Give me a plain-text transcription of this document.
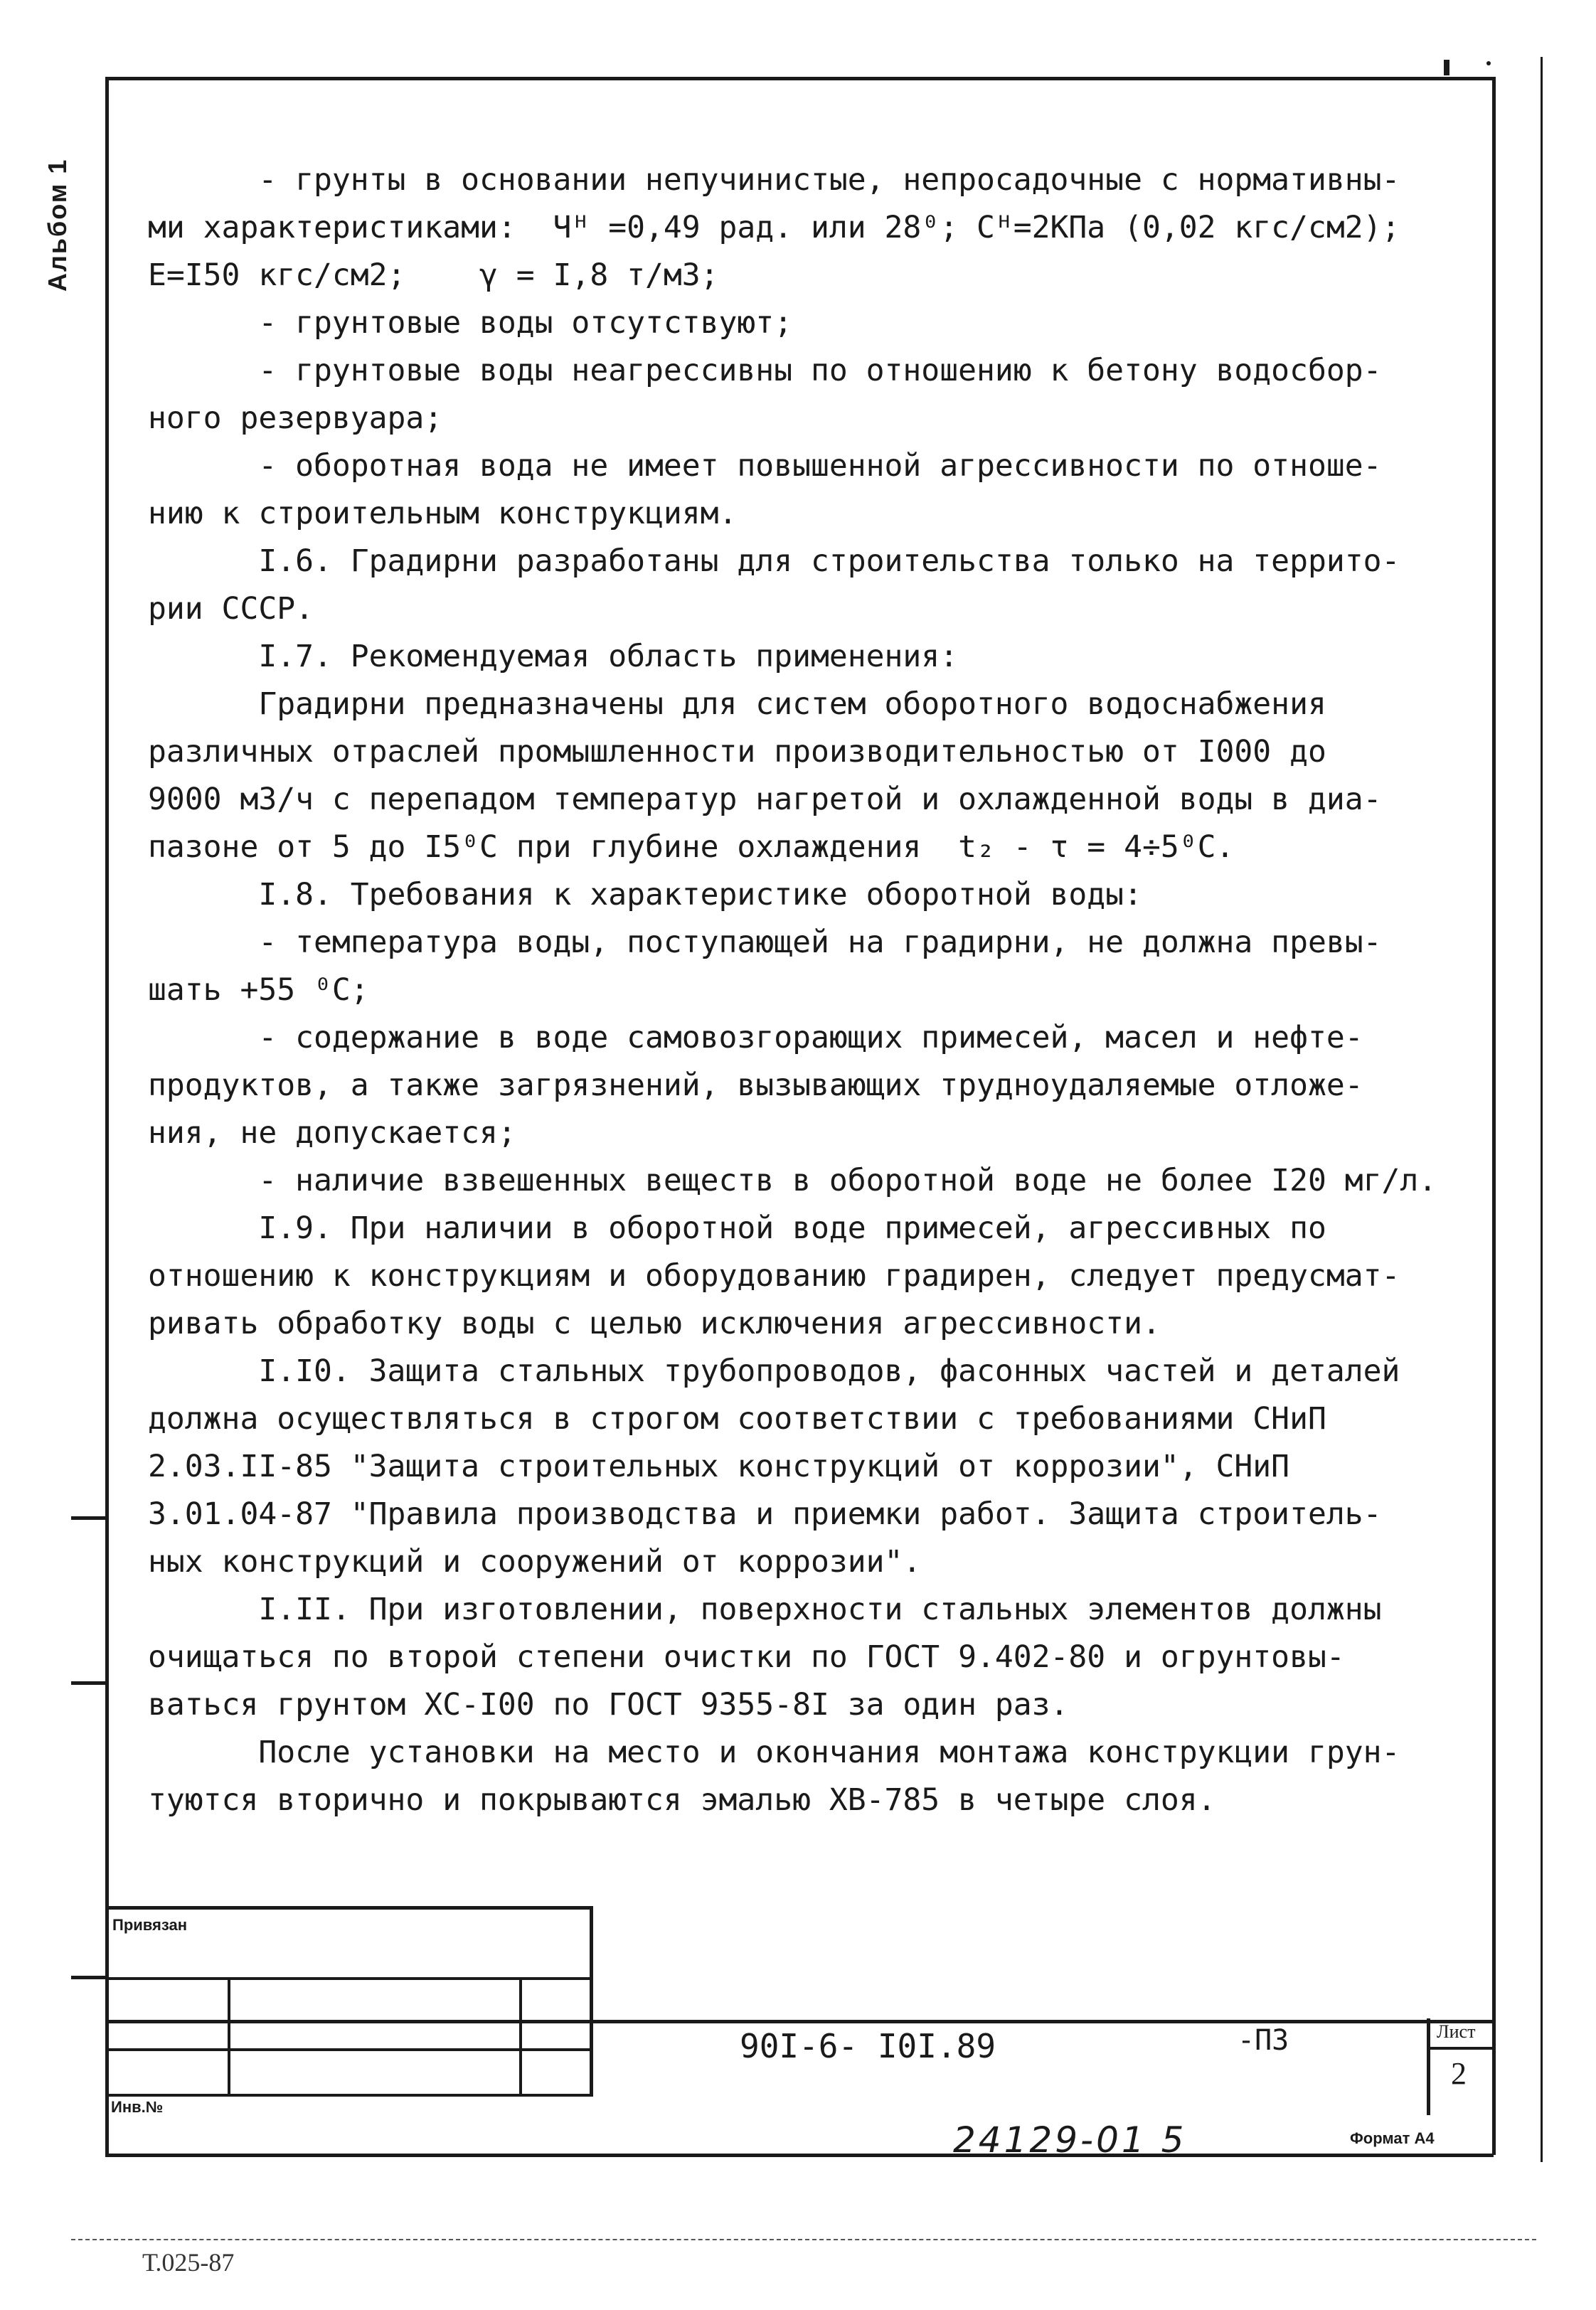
Альбом 1 - грунты в основании непучинистые, непросадочные с нормативны-

ми характеристиками:  Чᴴ =0,49 рад. или 28⁰; Сᴴ=2КПа (0,02 кгс/см2);

Е=I50 кгс/см2;    γ = I,8 т/м3;

- грунтовые воды отсутствуют;

- грунтовые воды неагрессивны по отношению к бетону водосбор-

ного резервуара;

- оборотная вода не имеет повышенной агрессивности по отноше-

нию к строительным конструкциям.

I.6. Градирни разработаны для строительства только на террито-

рии СССР.

I.7. Рекомендуемая область применения:

Градирни предназначены для систем оборотного водоснабжения

различных отраслей промышленности производительностью от I000 до

9000 м3/ч с перепадом температур нагретой и охлажденной воды в диа-

пазоне от 5 до I5⁰С при глубине охлаждения  t₂ - τ = 4÷5⁰С.

I.8. Требования к характеристике оборотной воды:

- температура воды, поступающей на градирни, не должна превы-

шать +55 ⁰С;

- содержание в воде самовозгорающих примесей, масел и нефте-

продуктов, а также загрязнений, вызывающих трудноудаляемые отложе-

ния, не допускается;

- наличие взвешенных веществ в оборотной воде не более I20 мг/л.

I.9. При наличии в оборотной воде примесей, агрессивных по

отношению к конструкциям и оборудованию градирен, следует предусмат-

ривать обработку воды с целью исключения агрессивности.

I.I0. Защита стальных трубопроводов, фасонных частей и деталей

должна осуществляться в строгом соответствии с требованиями СНиП

2.03.II-85 "Защита строительных конструкций от коррозии", СНиП

3.01.04-87 "Правила производства и приемки работ. Защита строитель-

ных конструкций и сооружений от коррозии".

I.II. При изготовлении, поверхности стальных элементов должны

очищаться по второй степени очистки по ГОСТ 9.402-80 и огрунтовы-

ваться грунтом ХС-I00 по ГОСТ 9355-8I за один раз.

После установки на место и окончания монтажа конструкции грун-

туются вторично и покрываются эмалью ХВ-785 в четыре слоя.

Привязан
Инв.№
90I-6- I0I.89	-ПЗ	Лист
2
24129-01 5	Формат А4
Т.025-87
